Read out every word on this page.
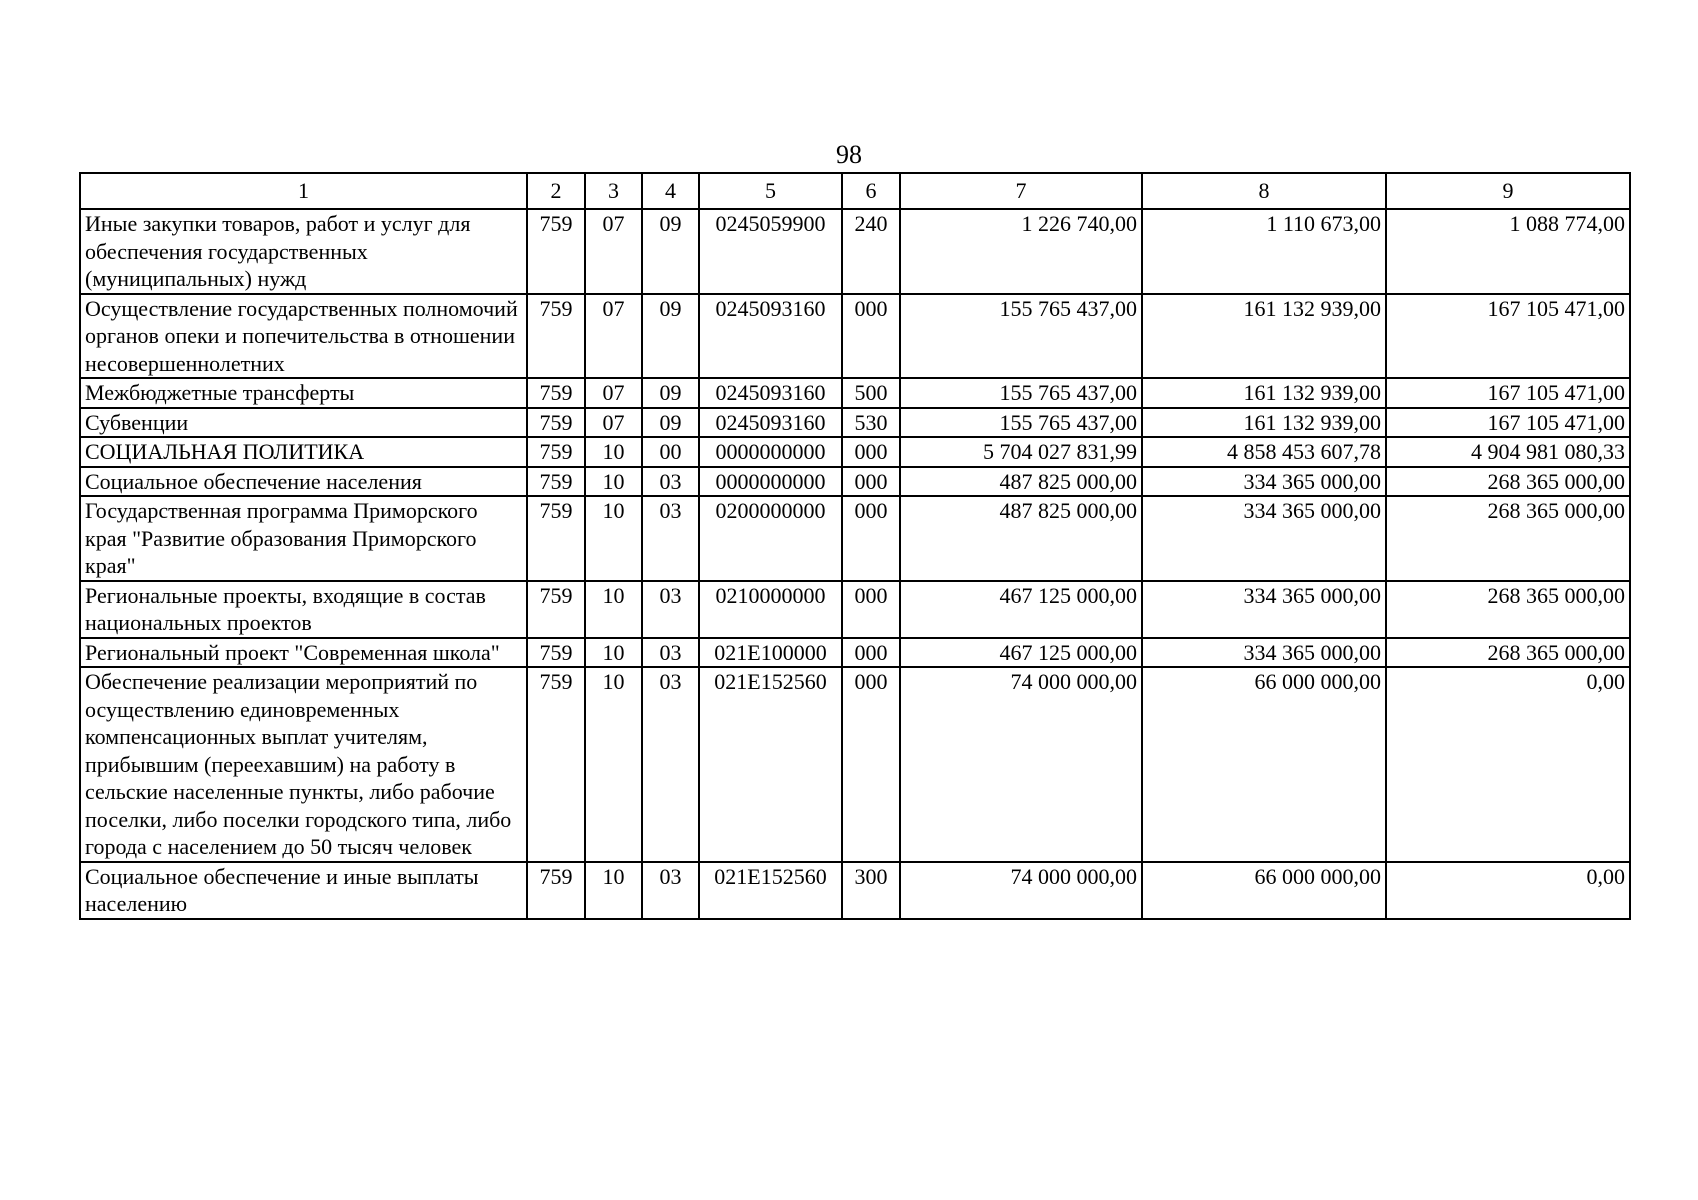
98
1	2	3	4	5	6	7	8	9
Иные закупки товаров, работ и услуг для обеспечения государственных (муниципальных) нужд	759	07	09	0245059900	240	1 226 740,00	1 110 673,00	1 088 774,00
Осуществление государственных полномочий органов опеки и попечительства в отношении несовершеннолетних	759	07	09	0245093160	000	155 765 437,00	161 132 939,00	167 105 471,00
Межбюджетные трансферты	759	07	09	0245093160	500	155 765 437,00	161 132 939,00	167 105 471,00
Субвенции	759	07	09	0245093160	530	155 765 437,00	161 132 939,00	167 105 471,00
СОЦИАЛЬНАЯ ПОЛИТИКА	759	10	00	0000000000	000	5 704 027 831,99	4 858 453 607,78	4 904 981 080,33
Социальное обеспечение населения	759	10	03	0000000000	000	487 825 000,00	334 365 000,00	268 365 000,00
Государственная программа Приморского края "Развитие образования Приморского края"	759	10	03	0200000000	000	487 825 000,00	334 365 000,00	268 365 000,00
Региональные проекты, входящие в состав национальных проектов	759	10	03	0210000000	000	467 125 000,00	334 365 000,00	268 365 000,00
Региональный проект "Современная школа"	759	10	03	021E100000	000	467 125 000,00	334 365 000,00	268 365 000,00
Обеспечение реализации мероприятий по осуществлению единовременных компенсационных выплат учителям, прибывшим (переехавшим) на работу в сельские населенные пункты, либо рабочие поселки, либо поселки городского типа, либо города с населением до 50 тысяч человек	759	10	03	021E152560	000	74 000 000,00	66 000 000,00	0,00
Социальное обеспечение и иные выплаты населению	759	10	03	021E152560	300	74 000 000,00	66 000 000,00	0,00
